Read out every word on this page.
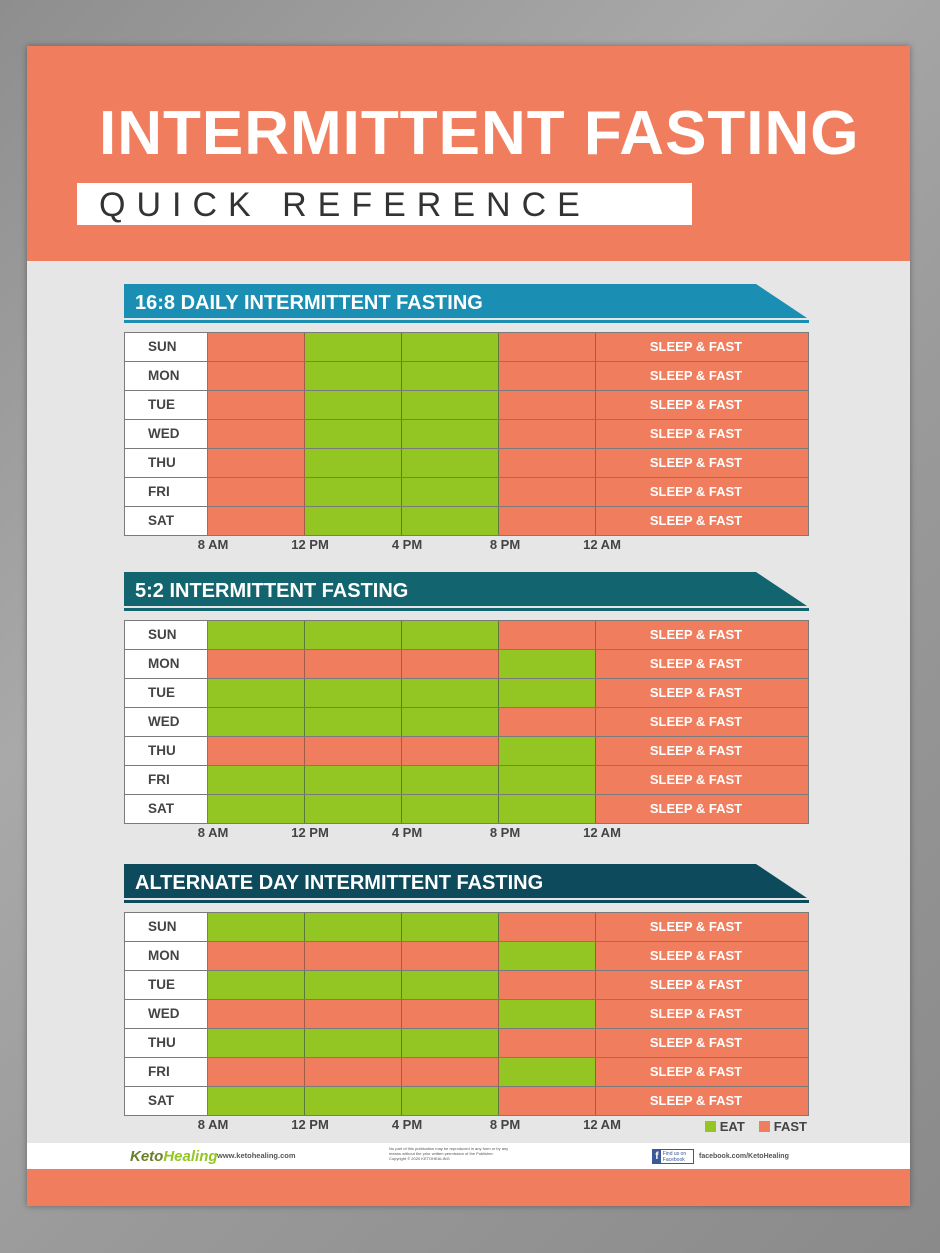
INTERMITTENT FASTING
QUICK REFERENCE
16:8 DAILY INTERMITTENT FASTING
SUN	SLEEP & FAST
MON	SLEEP & FAST
TUE	SLEEP & FAST
WED	SLEEP & FAST
THU	SLEEP & FAST
FRI	SLEEP & FAST
SAT	SLEEP & FAST
8 AM	12 PM	4 PM	8 PM	12 AM
5:2 INTERMITTENT FASTING
SUN	SLEEP & FAST
MON	SLEEP & FAST
TUE	SLEEP & FAST
WED	SLEEP & FAST
THU	SLEEP & FAST
FRI	SLEEP & FAST
SAT	SLEEP & FAST
8 AM	12 PM	4 PM	8 PM	12 AM
ALTERNATE DAY INTERMITTENT FASTING
SUN	SLEEP & FAST
MON	SLEEP & FAST
TUE	SLEEP & FAST
WED	SLEEP & FAST
THU	SLEEP & FAST
FRI	SLEEP & FAST
SAT	SLEEP & FAST
8 AM	12 PM	4 PM	8 PM	12 AM	EAT FAST
KetoHealing www.ketohealing.com
No part of this publication may be reproduced in any form or by any
means without the prior written permission of the Publisher.
Copyright © 2020 KETOHEALING	f Find us on Facebook	facebook.com/KetoHealing
